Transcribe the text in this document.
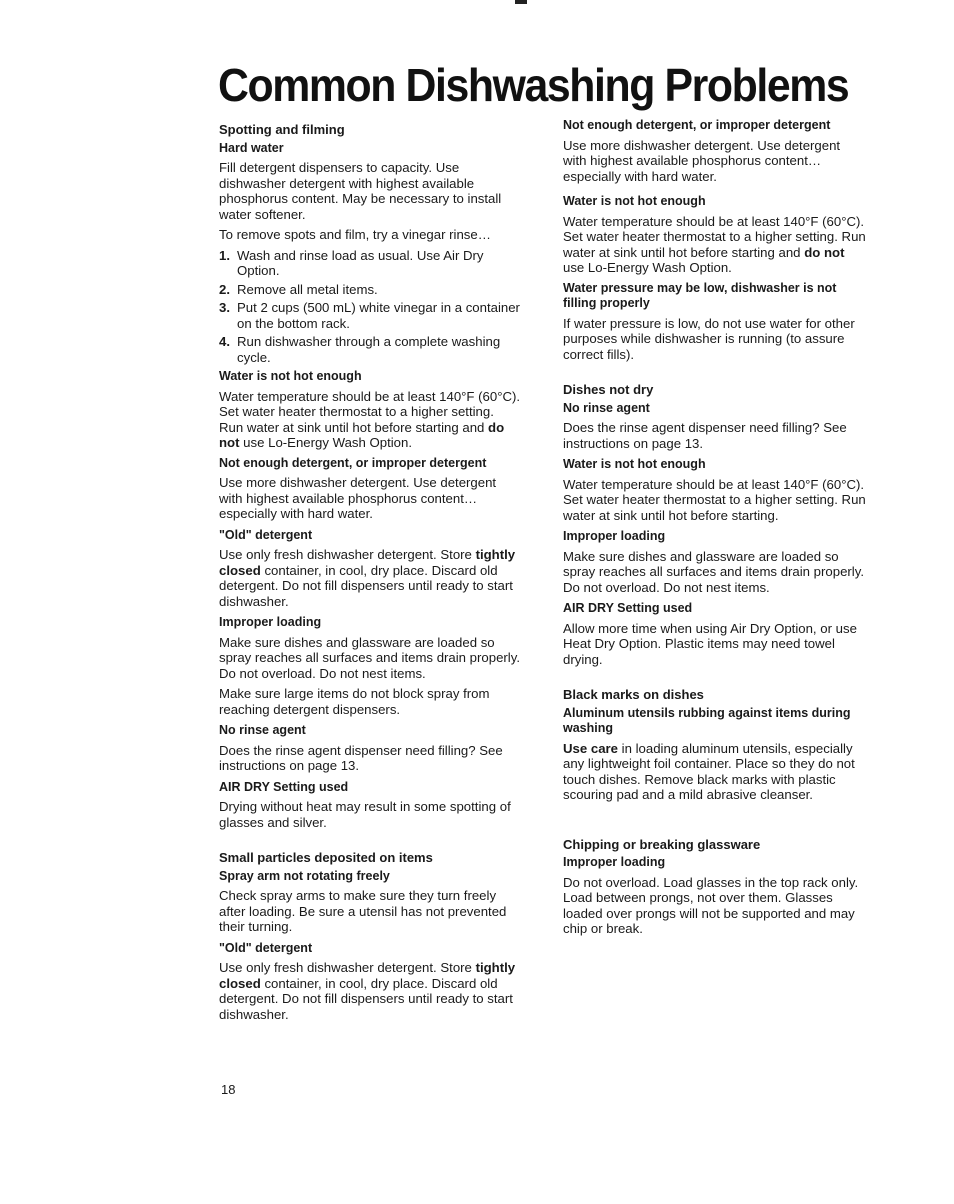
Common Dishwashing Problems
Spotting and filming
Hard water

Fill detergent dispensers to capacity. Use dishwasher detergent with highest available phosphorus content. May be necessary to install water softener.

To remove spots and film, try a vinegar rinse…

1. Wash and rinse load as usual. Use Air Dry Option.
2. Remove all metal items.
3. Put 2 cups (500 mL) white vinegar in a container on the bottom rack.
4. Run dishwasher through a complete washing cycle.
Water is not hot enough

Water temperature should be at least 140°F (60°C). Set water heater thermostat to a higher setting. Run water at sink until hot before starting and do not use Lo-Energy Wash Option.

Not enough detergent, or improper detergent

Use more dishwasher detergent. Use detergent with highest available phosphorus content… especially with hard water.

"Old" detergent

Use only fresh dishwasher detergent. Store tightly closed container, in cool, dry place. Discard old detergent. Do not fill dispensers until ready to start dishwasher.

Improper loading

Make sure dishes and glassware are loaded so spray reaches all surfaces and items drain properly. Do not overload. Do not nest items.

Make sure large items do not block spray from reaching detergent dispensers.

No rinse agent

Does the rinse agent dispenser need filling? See instructions on page 13.

AIR DRY Setting used

Drying without heat may result in some spotting of glasses and silver.

Small particles deposited on items
Spray arm not rotating freely

Check spray arms to make sure they turn freely after loading. Be sure a utensil has not prevented their turning.

"Old" detergent

Use only fresh dishwasher detergent. Store tightly closed container, in cool, dry place. Discard old detergent. Do not fill dispensers until ready to start dishwasher.

Not enough detergent, or improper detergent

Use more dishwasher detergent. Use detergent with highest available phosphorus content… especially with hard water.

Water is not hot enough

Water temperature should be at least 140°F (60°C). Set water heater thermostat to a higher setting. Run water at sink until hot before starting and do not use Lo-Energy Wash Option.

Water pressure may be low, dishwasher is not filling properly

If water pressure is low, do not use water for other purposes while dishwasher is running (to assure correct fills).

Dishes not dry
No rinse agent

Does the rinse agent dispenser need filling? See instructions on page 13.

Water is not hot enough

Water temperature should be at least 140°F (60°C). Set water heater thermostat to a higher setting. Run water at sink until hot before starting.

Improper loading

Make sure dishes and glassware are loaded so spray reaches all surfaces and items drain properly. Do not overload. Do not nest items.

AIR DRY Setting used

Allow more time when using Air Dry Option, or use Heat Dry Option. Plastic items may need towel drying.

Black marks on dishes
Aluminum utensils rubbing against items during washing

Use care in loading aluminum utensils, especially any lightweight foil container. Place so they do not touch dishes. Remove black marks with plastic scouring pad and a mild abrasive cleanser.

Chipping or breaking glassware
Improper loading

Do not overload. Load glasses in the top rack only. Load between prongs, not over them. Glasses loaded over prongs will not be supported and may chip or break.

18
